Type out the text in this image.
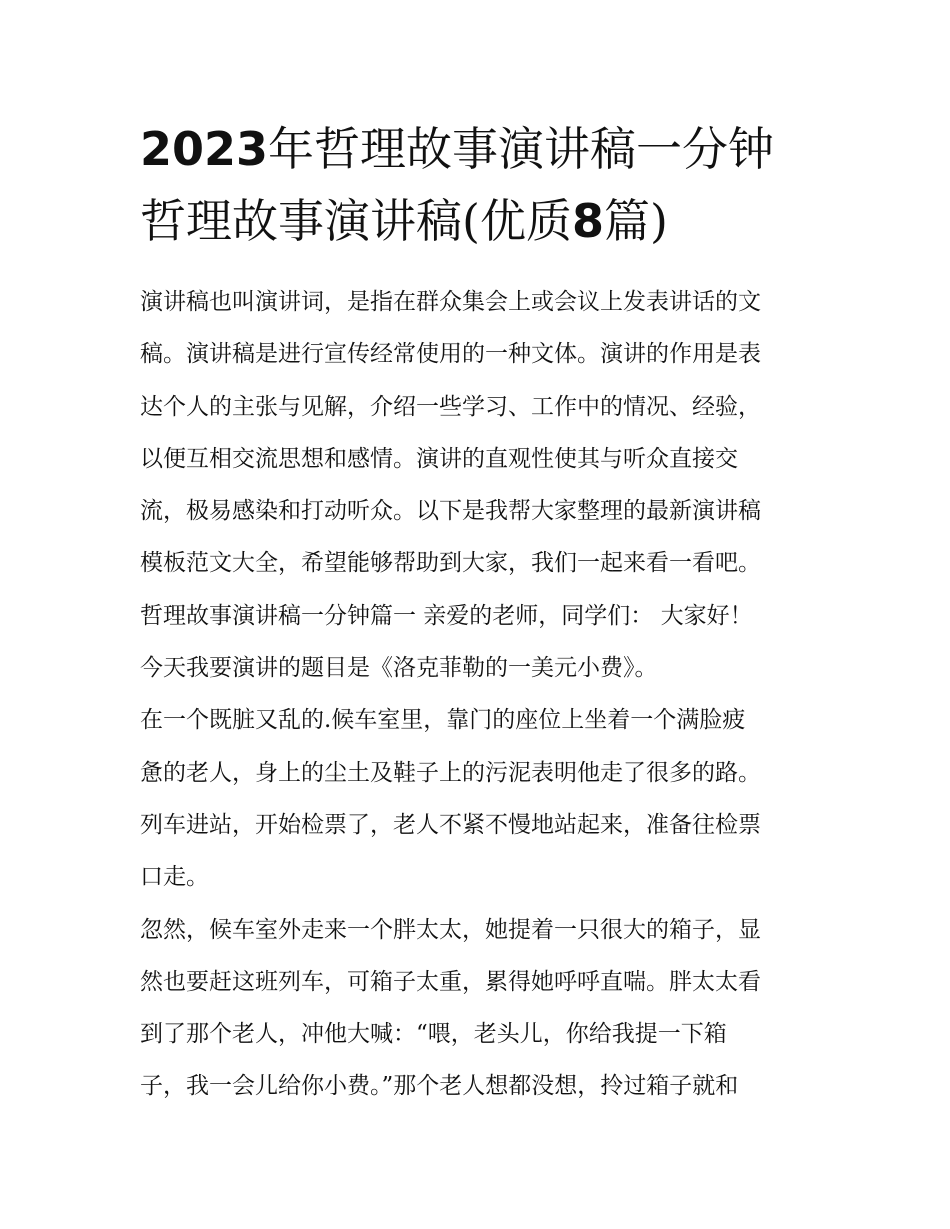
2023年哲理故事演讲稿一分钟
哲理故事演讲稿(优质8篇)
演讲稿也叫演讲词，是指在群众集会上或会议上发表讲话的文
稿。演讲稿是进行宣传经常使用的一种文体。演讲的作用是表
达个人的主张与见解，介绍一些学习、工作中的情况、经验，
以便互相交流思想和感情。演讲的直观性使其与听众直接交
流，极易感染和打动听众。以下是我帮大家整理的最新演讲稿
模板范文大全，希望能够帮助到大家，我们一起来看一看吧。
哲理故事演讲稿一分钟篇一 亲爱的老师，同学们： 大家好！
今天我要演讲的题目是《洛克菲勒的一美元小费》。
在一个既脏又乱的.候车室里，靠门的座位上坐着一个满脸疲
惫的老人，身上的尘土及鞋子上的污泥表明他走了很多的路。
列车进站，开始检票了，老人不紧不慢地站起来，准备往检票
口走。
忽然，候车室外走来一个胖太太，她提着一只很大的箱子，显
然也要赶这班列车，可箱子太重，累得她呼呼直喘。胖太太看
到了那个老人，冲他大喊：“喂，老头儿，你给我提一下箱
子，我一会儿给你小费。”那个老人想都没想，拎过箱子就和
